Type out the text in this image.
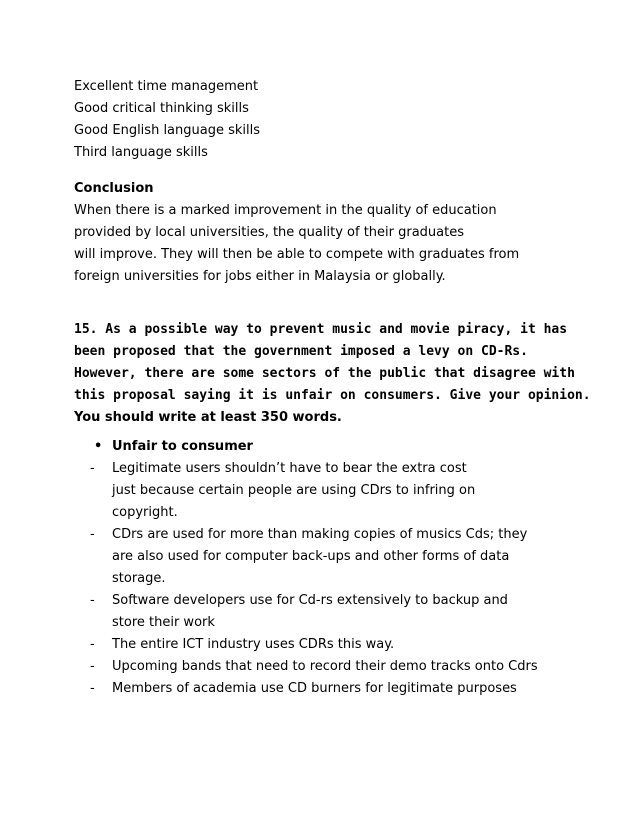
Excellent time management
Good critical thinking skills
Good English language skills
Third language skills
Conclusion
When there is a marked improvement in the quality of education
provided by local universities, the quality of their graduates
will improve. They will then be able to compete with graduates from
foreign universities for jobs either in Malaysia or globally.
15. As a possible way to prevent music and movie piracy, it has
been proposed that the government imposed a levy on CD-Rs.
However, there are some sectors of the public that disagree with
this proposal saying it is unfair on consumers. Give your opinion.
You should write at least 350 words.
• Unfair to consumer
- Legitimate users shouldn’t have to bear the extra cost
just because certain people are using CDrs to infring on
copyright.
- CDrs are used for more than making copies of musics Cds; they
are also used for computer back-ups and other forms of data
storage.
- Software developers use for Cd-rs extensively to backup and
store their work
- The entire ICT industry uses CDRs this way.
- Upcoming bands that need to record their demo tracks onto Cdrs
- Members of academia use CD burners for legitimate purposes
